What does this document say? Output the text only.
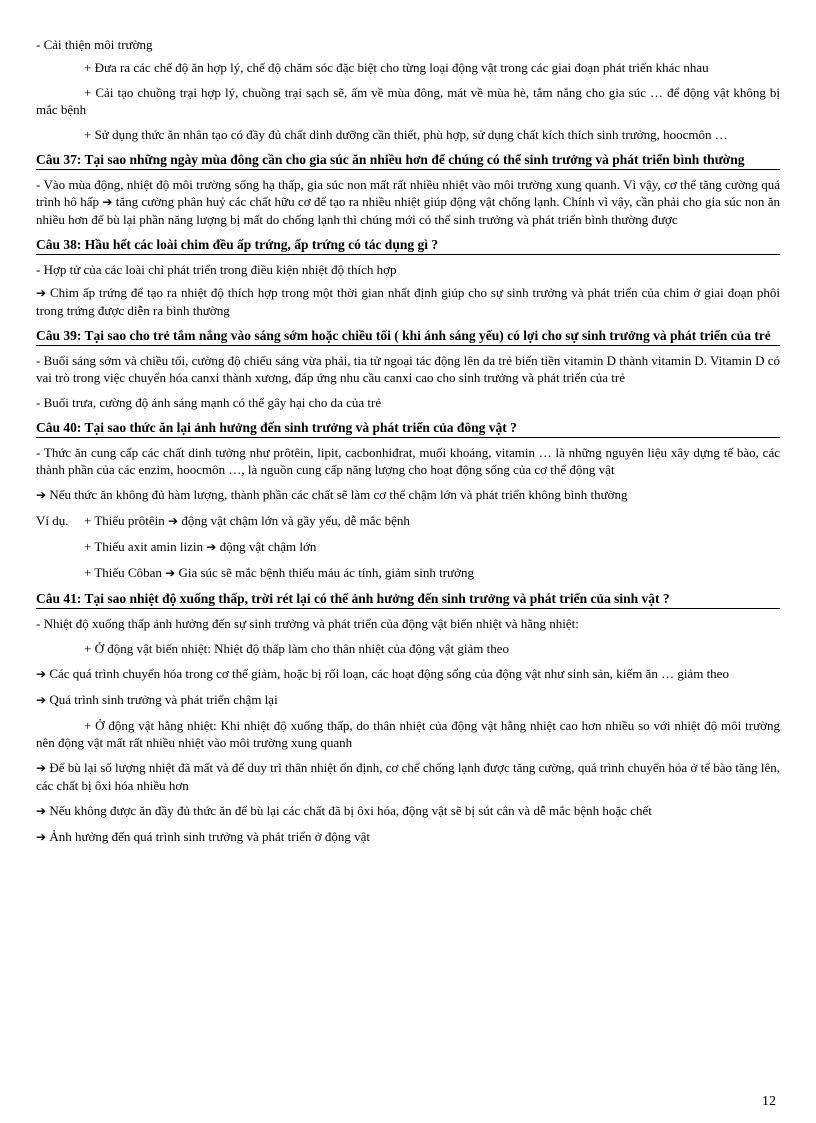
- Cải thiện môi trường

+ Đưa ra các chế độ ăn hợp lý, chế độ chăm sóc đặc biệt cho từng loại động vật trong các giai đoạn phát triển khác nhau

+ Cải tạo chuồng trại hợp lý, chuồng trại sạch sẽ, ấm về mùa đông, mát về mùa hè, tắm nắng cho gia súc … để động vật không bị mắc bệnh

+ Sử dụng thức ăn nhân tạo có đầy đủ chất dinh dưỡng cần thiết, phù hợp, sử dụng chất kích thích sinh trưởng, hoocmôn …

Câu 37: Tại sao những ngày mùa đông cần cho gia súc ăn nhiều hơn để chúng có thể sinh trưởng và phát triển bình thường

- Vào mùa động, nhiệt độ môi trường sống hạ thấp, gia súc non mất rất nhiều nhiệt vào môi trường xung quanh. Vì vậy, cơ thể tăng cường quá trình hô hấp ➔ tăng cường phân huỷ các chất hữu cơ để tạo ra nhiều nhiệt giúp động vật chống lạnh. Chính vì vậy, cần phải cho gia súc non ăn nhiều hơn để bù lại phần năng lượng bị mất do chống lạnh thì chúng mới có thể sinh trưởng và phát triển bình thường được

Câu 38: Hầu hết các loài chim đều ấp trứng, ấp trứng có tác dụng gì ?

- Hợp tử của các loài chỉ phát triển trong điều kiện nhiệt độ thích hợp

➔ Chim ấp trứng để tạo ra nhiệt độ thích hợp trong một thời gian nhất định giúp cho sự sinh trưởng và phát triển của chim ở giai đoạn phôi trong trứng được diễn ra bình thường

Câu 39: Tại sao cho trẻ tắm nắng vào sáng sớm hoặc chiều tối ( khi ánh sáng yếu) có lợi cho sự sinh trưởng và phát triển của trẻ

- Buổi sáng sớm và chiều tối, cường độ chiếu sáng vừa phải, tia tử ngoại tác động lên da trẻ biến tiền vitamin D thành vitamin D. Vitamin D có vai trò trong việc chuyển hóa canxi thành xương, đáp ứng nhu cầu canxi cao cho sinh trưởng và phát triển của trẻ

- Buổi trưa, cường độ ánh sáng mạnh có thể gây hại cho da của trẻ

Câu 40: Tại sao thức ăn lại ảnh hưởng đến sinh trưởng và phát triển của đông vật ?

- Thức ăn cung cấp các chất dinh tưởng như prôtêin, lipit, cacbonhiđrat, muối khoáng, vitamin … là những nguyên liệu xây dựng tế bào, các thành phần của các enzim, hoocmôn …, là nguồn cung cấp năng lượng cho hoạt động sống của cơ thể động vật

➔ Nếu thức ăn không đủ hàm lượng, thành phần các chất sẽ làm cơ thể chậm lớn và phát triển không bình thường

Ví dụ.	+ Thiếu prôtêin ➔ động vật chậm lớn và gầy yếu, dễ mắc bệnh
+ Thiếu axit amin lizin ➔ động vật chậm lớn
+ Thiếu Côban ➔ Gia súc sẽ mắc bệnh thiếu máu ác tính, giảm sinh trưởng
Câu 41: Tại sao nhiệt độ xuống thấp, trời rét lại có thể ảnh hưởng đến sinh trưởng và phát triển của sinh vật ?

- Nhiệt độ xuống thấp ảnh hưởng đến sự sinh trưởng và phát triển của động vật biến nhiệt và hằng nhiệt:

+ Ở động vật biến nhiệt: Nhiệt độ thấp làm cho thân nhiệt của động vật giảm theo

➔ Các quá trình chuyển hóa trong cơ thể giảm, hoặc bị rối loạn, các hoạt động sống của động vật như sinh sản, kiếm ăn … giảm theo

➔ Quá trình sinh trưởng và phát triển chậm lại

+ Ở động vật hằng nhiệt: Khi nhiệt độ xuống thấp, do thân nhiệt của động vật hằng nhiệt cao hơn nhiều so với nhiệt độ môi trường nên động vật mất rất nhiều nhiệt vào môi trường xung quanh

➔ Để bù lại số lượng nhiệt đã mất và để duy trì thân nhiệt ổn định, cơ chế chống lạnh được tăng cường, quá trình chuyển hóa ở tế bào tăng lên, các chất bị ôxi hóa nhiều hơn

➔ Nếu không được ăn đầy đủ thức ăn để bù lại các chất đã bị ôxi hóa, động vật sẽ bị sút cân và dễ mắc bệnh hoặc chết

➔ Ảnh hưởng đến quá trình sinh trưởng và phát triển ở động vật

12
